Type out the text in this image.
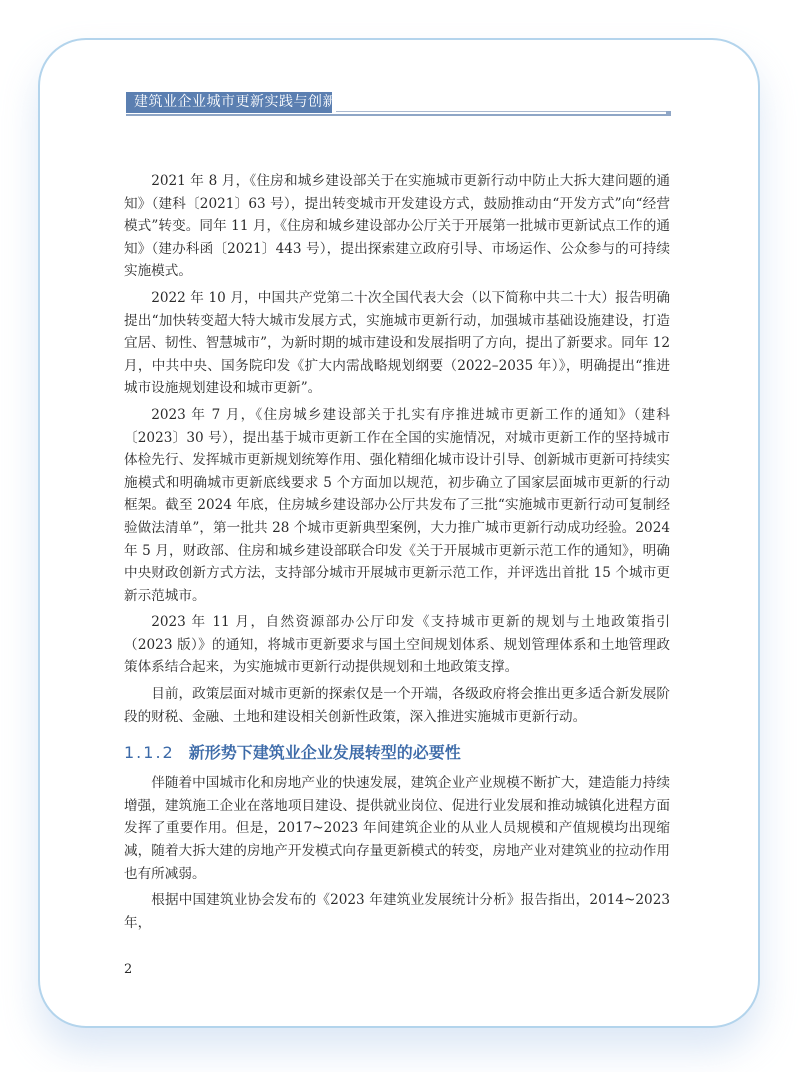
建筑业企业城市更新实践与创新

2021 年 8 月，《住房和城乡建设部关于在实施城市更新行动中防止大拆大建问题的通知》（建科〔2021〕63 号），提出转变城市开发建设方式，鼓励推动由“开发方式”向“经营模式”转变。同年 11 月，《住房和城乡建设部办公厅关于开展第一批城市更新试点工作的通知》（建办科函〔2021〕443 号），提出探索建立政府引导、市场运作、公众参与的可持续实施模式。

2022 年 10 月，中国共产党第二十次全国代表大会（以下简称中共二十大）报告明确提出“加快转变超大特大城市发展方式，实施城市更新行动，加强城市基础设施建设，打造宜居、韧性、智慧城市”，为新时期的城市建设和发展指明了方向，提出了新要求。同年 12 月，中共中央、国务院印发《扩大内需战略规划纲要（2022–2035 年）》，明确提出“推进城市设施规划建设和城市更新”。

2023 年 7 月，《住房城乡建设部关于扎实有序推进城市更新工作的通知》（建科〔2023〕30 号），提出基于城市更新工作在全国的实施情况，对城市更新工作的坚持城市体检先行、发挥城市更新规划统筹作用、强化精细化城市设计引导、创新城市更新可持续实施模式和明确城市更新底线要求 5 个方面加以规范，初步确立了国家层面城市更新的行动框架。截至 2024 年底，住房城乡建设部办公厅共发布了三批“实施城市更新行动可复制经验做法清单”，第一批共 28 个城市更新典型案例，大力推广城市更新行动成功经验。2024 年 5 月，财政部、住房和城乡建设部联合印发《关于开展城市更新示范工作的通知》，明确中央财政创新方式方法，支持部分城市开展城市更新示范工作，并评选出首批 15 个城市更新示范城市。

2023 年 11 月，自然资源部办公厅印发《支持城市更新的规划与土地政策指引（2023 版）》的通知，将城市更新要求与国土空间规划体系、规划管理体系和土地管理政策体系结合起来，为实施城市更新行动提供规划和土地政策支撑。

目前，政策层面对城市更新的探索仅是一个开端，各级政府将会推出更多适合新发展阶段的财税、金融、土地和建设相关创新性政策，深入推进实施城市更新行动。

1.1.2 新形势下建筑业企业发展转型的必要性

伴随着中国城市化和房地产业的快速发展，建筑企业产业规模不断扩大，建造能力持续增强，建筑施工企业在落地项目建设、提供就业岗位、促进行业发展和推动城镇化进程方面发挥了重要作用。但是，2017~2023 年间建筑企业的从业人员规模和产值规模均出现缩减，随着大拆大建的房地产开发模式向存量更新模式的转变，房地产业对建筑业的拉动作用也有所减弱。

根据中国建筑业协会发布的《2023 年建筑业发展统计分析》报告指出，2014~2023 年，

2
